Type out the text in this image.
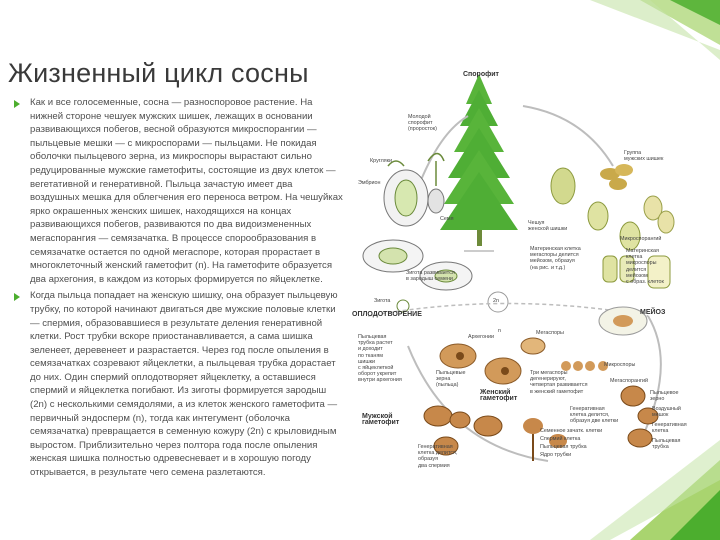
Жизненный цикл сосны
Как и все голосеменные, сосна — разноспоровое растение. На нижней стороне чешуек мужских шишек, лежащих в основании развивающихся побегов, весной образуются микроспорангии — пыльцевые мешки — с микроспорами — пыльцами. Не покидая оболочки пыльцевого зерна, из микроспоры вырастают сильно редуцированные мужские гаметофиты, состоящие из двух клеток — вегетативной и генеративной. Пыльца зачастую имеет два воздушных мешка для облегчения его переноса ветром. На чешуйках ярко окрашенных женских шишек, находящихся на концах развивающихся побегов, развиваются по два видоизмененных мегаспорангия — семязачатка. В процессе спорообразования в семязачатке остается по одной мегаспоре, которая прорастает в многоклеточный женский гаметофит (n). На гаметофите образуется два архегония, в каждом из которых формируется по яйцеклетке.
Когда пыльца попадает на женскую шишку, она образует пыльцевую трубку, по которой начинают двигаться две мужские половые клетки — спермия, образовавшиеся в результате деления генеративной клетки. Рост трубки вскоре приостанавливается, а сама шишка зеленеет, деревенеет и разрастается. Через год после опыления в семязачатках созревают яйцеклетки, а пыльцевая трубка дорастает до них. Один спермий оплодотворяет яйцеклетку, а оставшиеся спермий и яйцеклетка погибают. Из зиготы формируется зародыш (2n) с несколькими семядолями, а из клеток женского гаметофита — первичный эндосперм (n), тогда как интегумент (оболочка семязачатка) превращается в семенную кожуру (2n) с крыловидным выростом. Приблизительно через полтора года после опыления женская шишка полностью одревесневает и в хорошую погоду открывается, в результате чего семена разлетаются.
Спорофит
Молодой
спорофит
(проросток)
Кругляки
Эмбрион
Семя
Группа
мужских шишек
Чешуя
женской шишки
Микроспорангий
Материнская
клетка
микроспоры
делится
мейозом
с образ. клеток
Зигота развивается
в зародыш семени
Материнская клетка
мегаспоры делится
мейозом, образуя
(на рис. и т.д.)
Зигота	2n
n
ОПЛОДОТВОРЕНИЕ	МЕЙОЗ
Пыльцевая
трубка растет
и доходит
по тканям
шишки
с яйцеклеткой
оборот укрепит
внутри архегония
Архегонии
Мегаспоры
Пыльцевые
зерна
(пыльца)
Женский
гаметофит
Три мегаспоры
дегенерируют,
четвертая развивается
в женский гаметофит
Микроспоры
Мегаспорангий
Мужской
гаметофит
Генеративная
клетка делится,
образуя две клетки
Семенное зачатк. клетки
Спермий клетка
Пыльцевая трубка
Ядро трубки
Генеративная
клетка делится,
образуя
два спермия
Пыльцевое
зерно
Воздушный
мешок
Генеративная
клетка
Пыльцевая
трубка
